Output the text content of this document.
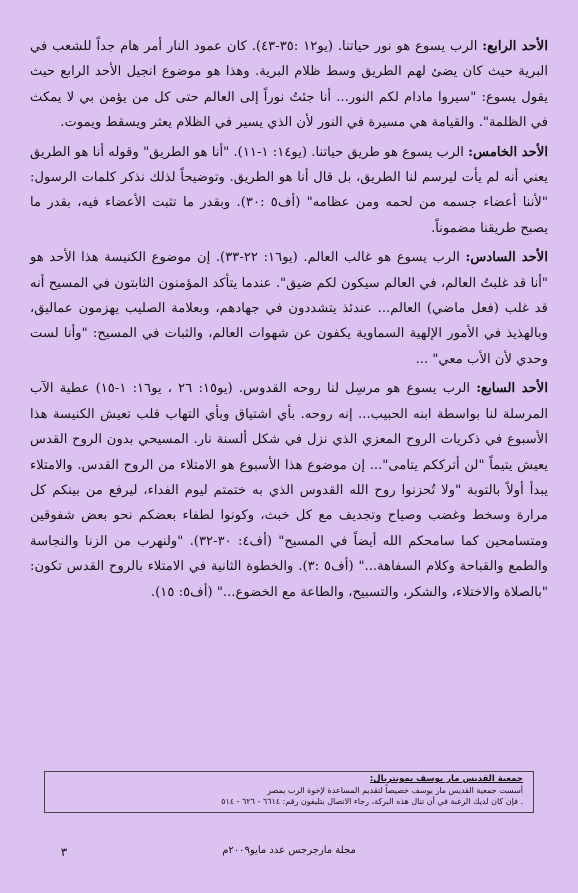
الأحد الرابع: الرب يسوع هو نور حياتنا. (يو١٢ :٣٥-٤٣). كان عمود النار أمر هام جداً للشعب في البرية حيث كان يضئ لهم الطريق وسط ظلام البرية. وهذا هو موضوع انجيل الأحد الرابع حيث يقول يسوع: "سيروا مادام لكم النور... أنا جئتُ نوراً إلى العالم حتى كل من يؤمن بي لا يمكث في الظلمة". والقيامة هي مسيرة في النور لأن الذي يسير في الظلام يعثر ويسقط ويموت.

الأحد الخامس: الرب يسوع هو طريق حياتنا. (يو١٤: ١-١١). "أنا هو الطريق" وقوله أنا هو الطريق يعني أنه لم يأت ليرسم لنا الطريق، بل قال أنا هو الطريق. وتوضيحاً لذلك نذكر كلمات الرسول: "لأننا أعضاء جسمه من لحمه ومن عظامه" (أف٥ :٣٠). وبقدر ما تثبت الأعضاء فيه، بقدر ما يصبح طريقنا مضموناً.

الأحد السادس: الرب يسوع هو غالب العالم. (يو١٦: ٢٢-٣٣). إن موضوع الكنيسة هذا الأحد هو "أنا قد غلبتُ العالم، في العالم سيكون لكم ضيق". عندما يتأكد المؤمنون الثابتون في المسيح أنه قد غلب (فعل ماضي) العالم... عندئذ يتشددون في جهادهم، وبعلامة الصليب يهزمون عماليق، وبالهذيذ في الأمور الإلهية السماوية يكفون عن شهوات العالم، والثبات في المسيح: "وأنا لست وحدي لأن الأب معي" ...

الأحد السابع: الرب يسوع هو مرسِل لنا روحه القدوس. (يو١٥: ٢٦ ، يو١٦: ١-١٥) عطية الآب المرسلة لنا بواسطة ابنه الحبيب... إنه روحه. بأي اشتياق وبأي التهاب قلب تعيش الكنيسة هذا الأسبوع في ذكريات الروح المعزي الذي نزل في شكل ألسنة نار. المسيحي بدون الروح القدس يعيش يتيماً "لن أترككم يتامى"... إن موضوع هذا الأسبوع هو الامتلاء من الروح القدس. والامتلاء يبدأ أولاً بالتوبة "ولا تُحزنوا روح الله القدوس الذي به ختمتم ليوم الفداء، ليرفع من بينكم كل مرارة وسخط وغضب وصياح وتجديف مع كل خبث، وكونوا لطفاء بعضكم نحو بعض شفوقين ومتسامحين كما سامحكم الله أيضاً في المسيح" (أف٤: ٣٠-٣٢). "ولنهرب من الزنا والنجاسة والطمع والقباحة وكلام السفاهة..." (أف٥ :٣). والخطوة الثانية في الامتلاء بالروح القدس تكون: "بالصلاة والاختلاء، والشكر، والتسبيح، والطاعة مع الخضوع..." (أف٥: ١٥).

جمعية القديس مار يوسف بمونتريال:
أسست جمعية القديس مار يوسف خصيصاً لتقديم المساعدة لإخوة الرب بمصر
. فإن كان لديك الرغبة في أن تنال هذه البركة، رجاء الاتصال بتليفون رقم: ٦٦١٤ - ٦٢٦ - ٥١٤
مجلة مارجرجس عدد مايو٢٠٠٩م
٣
